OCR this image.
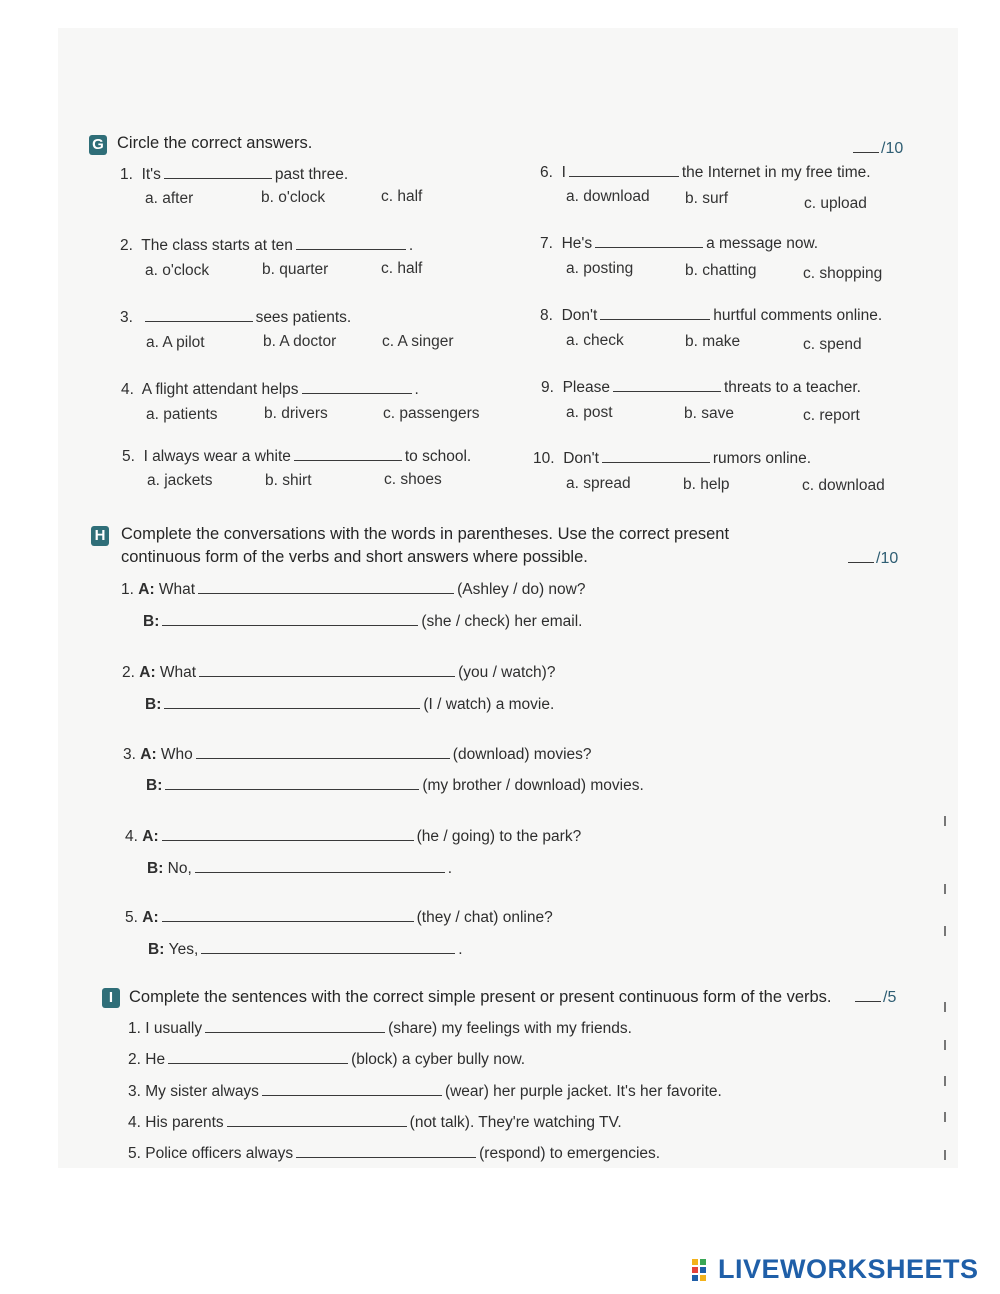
G Circle the correct answers.	/10
1. It's	past three.
a. after	b. o'clock	c. half
2. The class starts at ten	.
a. o'clock	b. quarter	c. half
3.	sees patients.
a. A pilot	b. A doctor	c. A singer
4. A flight attendant helps	.
a. patients	b. drivers	c. passengers
5. I always wear a white	to school.
a. jackets	b. shirt	c. shoes
6. I	the Internet in my free time.
a. download b. surf	c. upload
7. He's	a message now.
a. posting	b. chatting	c. shopping
8. Don't	hurtful comments online.
a. check	b. make	c. spend
9. Please	threats to a teacher.
a. post	b. save	c. report
10. Don't	rumors online.
a. spread	b. help	c. download
H Complete the conversations with the words in parentheses. Use the correct present
continuous form of the verbs and short answers where possible.	/10
1. A: What	(Ashley / do) now?
B:	(she / check) her email.
2. A: What	(you / watch)?
B:	(I / watch) a movie.
3. A: Who	(download) movies?
B:	(my brother / download) movies.
4. A:	(he / going) to the park?
B: No,	.
5. A:	(they / chat) online?
B: Yes,	.
I Complete the sentences with the correct simple present or present continuous form of the verbs.	/5
1. I usually	(share) my feelings with my friends.
2. He	(block) a cyber bully now.
3. My sister always	(wear) her purple jacket. It's her favorite.
4. His parents	(not talk). They're watching TV.
5. Police officers always	(respond) to emergencies.
LIVEWORKSHEETS
